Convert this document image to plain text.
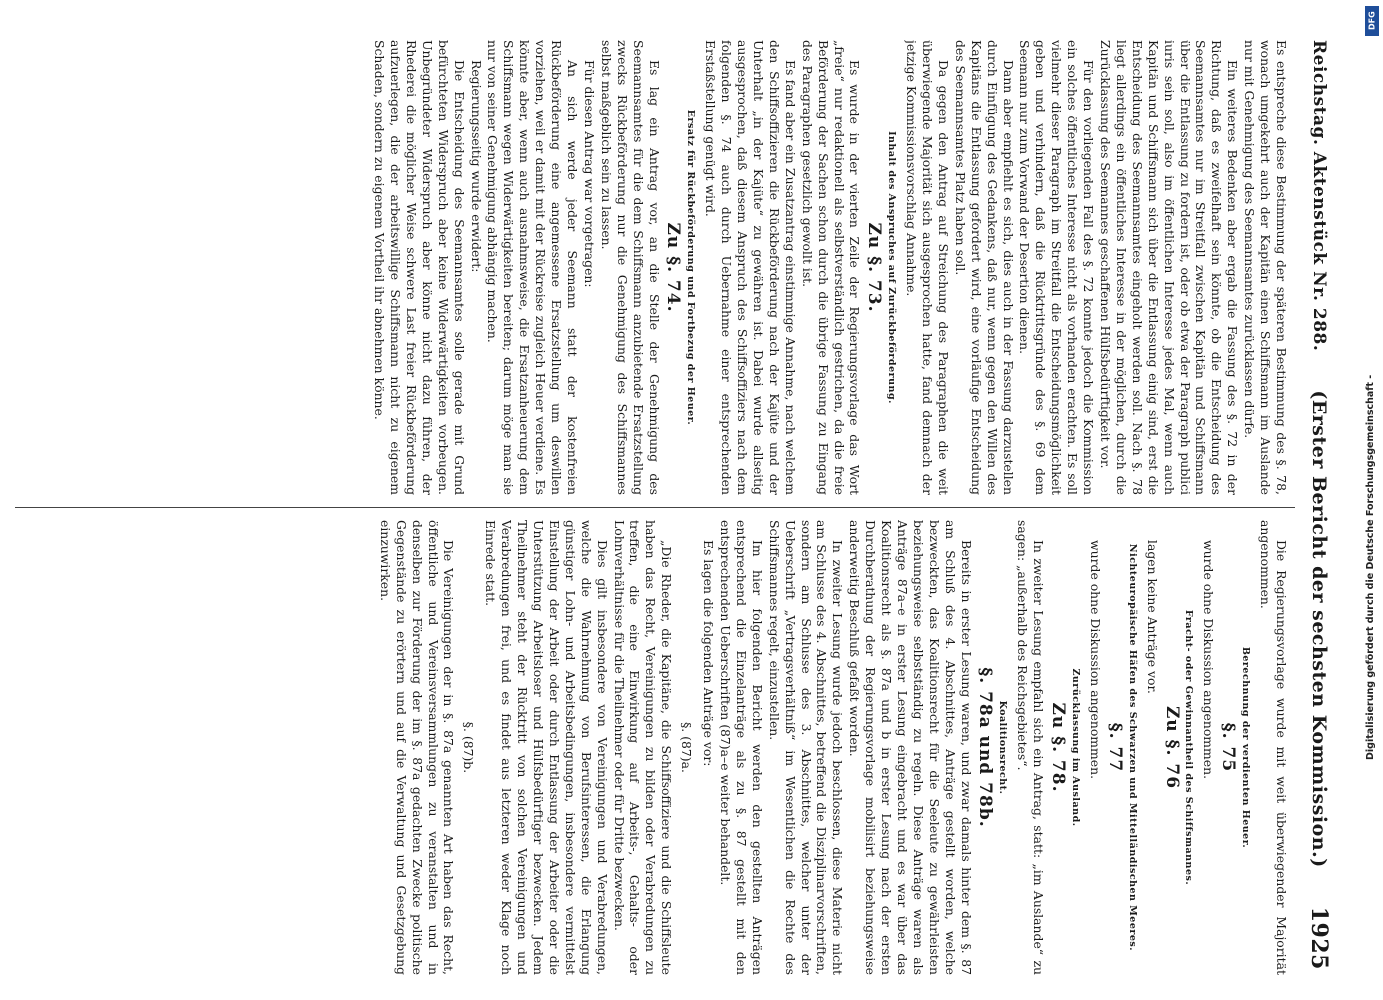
Reichstag. Aktenstück Nr. 288.
(Erster Bericht der sechsten Kommission.)
1925

Es entspreche diese Bestimmung der späteren Bestimmung des §. 78, wonach umgekehrt auch der Kapitän einen Schiffsmann im Auslande nur mit Genehmigung des Seemannsamtes zurücklassen dürfe.

Ein weiteres Bedenken aber ergab die Fassung des §. 72 in der Richtung, daß es zweifelhaft sein könnte, ob die Entscheidung des Seemannsamtes nur im Streitfall zwischen Kapitän und Schiffsmann über die Entlassung zu fordern ist, oder ob etwa der Paragraph publici iuris sein soll, also im öffentlichen Interesse jedes Mal, wenn auch Kapitän und Schiffsmann sich über die Entlassung einig sind, erst die Entscheidung des Seemannsamtes eingeholt werden soll. Nach §. 78 liegt allerdings ein öffentliches Interesse in der möglichen, durch die Zurücklassung des Seemannes geschaffenen Hülfsbedürftigkeit vor.

Für den vorliegenden Fall des §. 72 konnte jedoch die Kommission ein solches öffentliches Interesse nicht als vorhanden erachten. Es soll vielmehr dieser Paragraph im Streitfall die Entscheidungsmöglichkeit geben und verhindern, daß die Rücktrittsgründe des §. 69 dem Seemann nur zum Vorwand der Desertion dienen.

Dann aber empfiehlt es sich, dies auch in der Fassung darzustellen durch Einfügung des Gedankens, daß nur, wenn gegen den Willen des Kapitäns die Entlassung gefordert wird, eine vorläufige Entscheidung des Seemannsamtes Platz haben soll.

Da gegen den Antrag auf Streichung des Paragraphen die weit überwiegende Majorität sich ausgesprochen hatte, fand demnach der jetzige Kommissionsvorschlag Annahme.

Inhalt des Anspruches auf Zurückbeförderung.
Zu §. 73.

Es wurde in der vierten Zeile der Regierungsvorlage das Wort „freie“ nur redaktionell als selbstverständlich gestrichen, da die freie Beförderung der Sachen schon durch die übrige Fassung zu Eingang des Paragraphen gesetzlich gewollt ist.

Es fand aber ein Zusatzantrag einstimmige Annahme, nach welchem den Schiffsoffizieren die Rückbeförderung nach der Kajüte und der Unterhalt „in der Kajüte“ zu gewähren ist. Dabei wurde allseitig ausgesprochen, daß diesem Anspruch des Schiffsoffiziers nach dem folgenden §. 74 auch durch Uebernahme einer entsprechenden Erstaßstellung genügt wird.

Ersatz für Rückbeförderung und Fortbezug der Heuer.
Zu §. 74.

Es lag ein Antrag vor, an die Stelle der Genehmigung des Seemannsamtes für die dem Schiffsmann anzubietende Ersatzstellung zwecks Rückbeförderung nur die Genehmigung des Schiffsmannes selbst maßgeblich sein zu lassen.

Für diesen Antrag war vorgetragen:

An sich werde jeder Seemann statt der kostenfreien Rückbeförderung eine angemessene Ersatzstellung um deswillen vorziehen, weil er damit mit der Rückreise zugleich Heuer verdiene. Es könnte aber, wenn auch ausnahmsweise, die Ersatzanheuerung dem Schiffsmann wegen Widerwärtigkeiten bereiten; darum möge man sie nur von seiner Genehmigung abhängig machen.

Regierungsseitig wurde erwidert:

Die Entscheidung des Seemannsamtes solle gerade mit Grund befürchteten Widerspruch aber keine Widerwärtigkeiten vorbeugen. Unbegründeter Widerspruch aber könne nicht dazu führen, der Rhederei die möglicher Weise schwere Last freier Rückbeförderung aufzuerlegen, die der arbeitswillige Schiffsmann nicht zu eigenem Schaden, sondern zu eigenem Vortheil ihr abnehmen könne.

Die Regierungsvorlage wurde mit weit überwiegender Majorität angenommen.

Berechnung der verdienten Heuer.
§. 75

wurde ohne Diskussion angenommen.

Fracht- oder Gewinnantheil des Schiffsmannes.
Zu §. 76

lagen keine Anträge vor.

Nichteuropäische Häfen des Schwarzen und Mittelländischen Meeres.
§. 77

wurde ohne Diskussion angenommen.

Zurücklassung im Ausland.
Zu §. 78.

In zweiter Lesung empfahl sich ein Antrag, statt: „im Auslande“ zu sagen: „außerhalb des Reichsgebietes“.

Koalitionsrecht.
§. 78a und 78b.

Bereits in erster Lesung waren, und zwar damals hinter dem §. 87 am Schluß des 4. Abschnittes, Anträge gestellt worden, welche bezweckten, das Koalitionsrecht für die Seeleute zu gewährleisten beziehungsweise selbstständig zu regeln. Diese Anträge waren als Anträge 87a–e in erster Lesung eingebracht und es war über das Koalitionsrecht als §. 87a und b in erster Lesung nach der ersten Durchberathung der Regierungsvorlage mobilisirt beziehungsweise anderweitig Beschluß gefaßt worden.

In zweiter Lesung wurde jedoch beschlossen, diese Materie nicht am Schlusse des 4. Abschnittes, betreffend die Disziplinarvorschriften, sondern am Schlusse des 3. Abschnittes, welcher unter der Ueberschrift „Vertragsverhältniß“ im Wesentlichen die Rechte des Schiffsmannes regelt, einzustellen.

Im hier folgenden Bericht werden den gestellten Anträgen entsprechend die Einzelanträge als zu §. 87 gestellt mit den entsprechenden Ueberschriften (87)a–e weiter behandelt.

Es lagen die folgenden Anträge vor:

§. (87)a.

„Die Rheder, die Kapitäne, die Schiffsoffiziere und die Schiffsleute haben das Recht, Vereinigungen zu bilden oder Verabredungen zu treffen, die eine Einwirkung auf Arbeits-, Gehalts- oder Lohnverhältnisse für die Theilnehmer oder für Dritte bezwecken.

Dies gilt insbesondere von Vereinigungen und Verabredungen, welche die Wahrnehmung von Berufsinteressen, die Erlangung günstiger Lohn- und Arbeitsbedingungen, insbesondere vermittelst Einstellung der Arbeit oder durch Entlassung der Arbeiter oder die Unterstützung Arbeitsloser und Hülfsbedürftiger bezwecken. Jedem Theilnehmer steht der Rücktritt von solchen Vereinigungen und Verabredungen frei, und es findet aus letzteren weder Klage noch Einrede statt.

§. (87)b.

Die Vereinigungen der in §. 87a genannten Art haben das Recht, öffentliche und Vereinsversammlungen zu veranstalten und in denselben zur Förderung der im §. 87a gedachten Zwecke politische Gegenstände zu erörtern und auf die Verwaltung und Gesetzgebung einzuwirken.

DFG
Digitalisierung gefördert durch die Deutsche Forschungsgemeinschaft -
